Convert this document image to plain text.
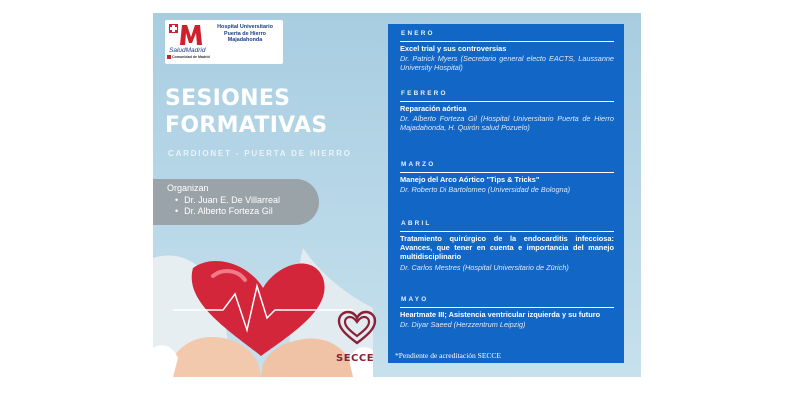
SaludMadrid
Hospital Universitario Puerta de Hierro Majadahonda
Comunidad de Madrid
SESIONES
FORMATIVAS
CARDIONET - PUERTA DE HIERRO
Organizan
• Dr. Juan E. De Villarreal
• Dr. Alberto Forteza Gil
SECCE
ENERO
Excel trial y sus controversias
Dr. Patrick Myers (Secretario general electo EACTS, Laussanne University Hospital)
FEBRERO
Reparación aórtica
Dr. Alberto Forteza Gil (Hospital Universitario Puerta de Hierro Majadahonda, H. Quirón salud Pozuelo)
MARZO
Manejo del Arco Aórtico "Tips & Tricks"
Dr. Roberto Di Bartolomeo (Universidad de Bologna)
ABRIL
Tratamiento quirúrgico de la endocarditis infecciosa: Avances, que tener en cuenta e importancia del manejo multidisciplinario
Dr. Carlos Mestres (Hospital Universitario de Zürich)
MAYO
Heartmate III; Asistencia ventricular izquierda y su futuro
Dr. Diyar Saeed (Herzzentrum Leipzig)
*Pendiente de acreditación SECCE
